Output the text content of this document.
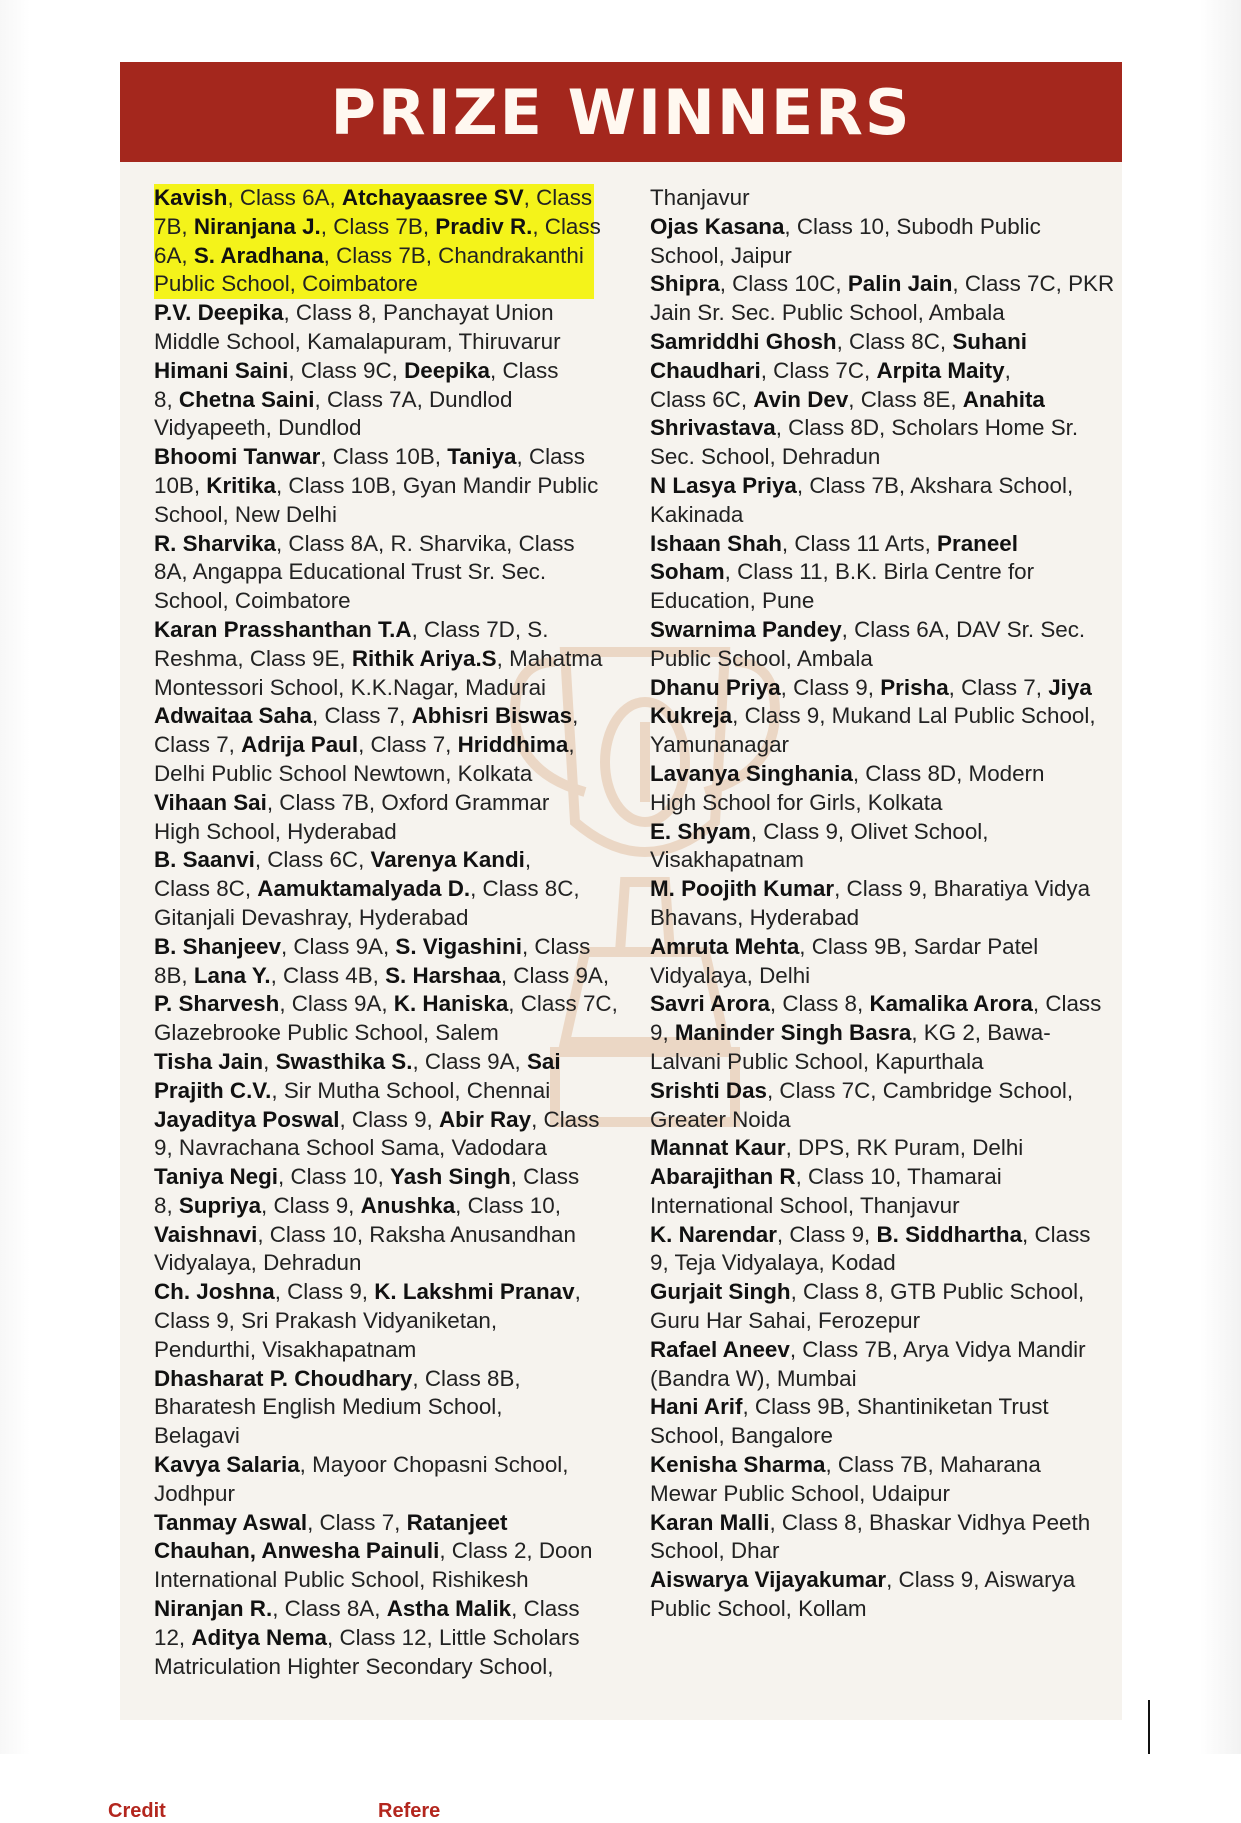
PRIZE WINNERS

Kavish, Class 6A, Atchayaasree SV, Class
7B, Niranjana J., Class 7B, Pradiv R., Class
6A, S. Aradhana, Class 7B, Chandrakanthi
Public School, Coimbatore

P.V. Deepika, Class 8, Panchayat Union
Middle School, Kamalapuram, Thiruvarur

Himani Saini, Class 9C, Deepika, Class
8, Chetna Saini, Class 7A, Dundlod
Vidyapeeth, Dundlod

Bhoomi Tanwar, Class 10B, Taniya, Class
10B, Kritika, Class 10B, Gyan Mandir Public
School, New Delhi

R. Sharvika, Class 8A, R. Sharvika, Class
8A, Angappa Educational Trust Sr. Sec.
School, Coimbatore

Karan Prasshanthan T.A, Class 7D, S.
Reshma, Class 9E, Rithik Ariya.S, Mahatma
Montessori School, K.K.Nagar, Madurai

Adwaitaa Saha, Class 7, Abhisri Biswas,
Class 7, Adrija Paul, Class 7, Hriddhima,
Delhi Public School Newtown, Kolkata

Vihaan Sai, Class 7B, Oxford Grammar
High School, Hyderabad

B. Saanvi, Class 6C, Varenya Kandi,
Class 8C, Aamuktamalyada D., Class 8C,
Gitanjali Devashray, Hyderabad

B. Shanjeev, Class 9A, S. Vigashini, Class
8B, Lana Y., Class 4B, S. Harshaa, Class 9A,
P. Sharvesh, Class 9A, K. Haniska, Class 7C,
Glazebrooke Public School, Salem

Tisha Jain, Swasthika S., Class 9A, Sai
Prajith C.V., Sir Mutha School, Chennai

Jayaditya Poswal, Class 9, Abir Ray, Class
9, Navrachana School Sama, Vadodara

Taniya Negi, Class 10, Yash Singh, Class
8, Supriya, Class 9, Anushka, Class 10,
Vaishnavi, Class 10, Raksha Anusandhan
Vidyalaya, Dehradun

Ch. Joshna, Class 9, K. Lakshmi Pranav,
Class 9, Sri Prakash Vidyaniketan,
Pendurthi, Visakhapatnam

Dhasharat P. Choudhary, Class 8B,
Bharatesh English Medium School,
Belagavi

Kavya Salaria, Mayoor Chopasni School,
Jodhpur

Tanmay Aswal, Class 7, Ratanjeet
Chauhan, Anwesha Painuli, Class 2, Doon
International Public School, Rishikesh

Niranjan R., Class 8A, Astha Malik, Class
12, Aditya Nema, Class 12, Little Scholars
Matriculation Highter Secondary School,

Thanjavur

Ojas Kasana, Class 10, Subodh Public
School, Jaipur

Shipra, Class 10C, Palin Jain, Class 7C, PKR
Jain Sr. Sec. Public School, Ambala

Samriddhi Ghosh, Class 8C, Suhani
Chaudhari, Class 7C, Arpita Maity,
Class 6C, Avin Dev, Class 8E, Anahita
Shrivastava, Class 8D, Scholars Home Sr.
Sec. School, Dehradun

N Lasya Priya, Class 7B, Akshara School,
Kakinada

Ishaan Shah, Class 11 Arts, Praneel
Soham, Class 11, B.K. Birla Centre for
Education, Pune

Swarnima Pandey, Class 6A, DAV Sr. Sec.
Public School, Ambala

Dhanu Priya, Class 9, Prisha, Class 7, Jiya
Kukreja, Class 9, Mukand Lal Public School,
Yamunanagar

Lavanya Singhania, Class 8D, Modern
High School for Girls, Kolkata

E. Shyam, Class 9, Olivet School,
Visakhapatnam

M. Poojith Kumar, Class 9, Bharatiya Vidya
Bhavans, Hyderabad

Amruta Mehta, Class 9B, Sardar Patel
Vidyalaya, Delhi

Savri Arora, Class 8, Kamalika Arora, Class
9, Maninder Singh Basra, KG 2, Bawa-
Lalvani Public School, Kapurthala

Srishti Das, Class 7C, Cambridge School,
Greater Noida

Mannat Kaur, DPS, RK Puram, Delhi

Abarajithan R, Class 10, Thamarai
International School, Thanjavur

K. Narendar, Class 9, B. Siddhartha, Class
9, Teja Vidyalaya, Kodad

Gurjait Singh, Class 8, GTB Public School,
Guru Har Sahai, Ferozepur

Rafael Aneev, Class 7B, Arya Vidya Mandir
(Bandra W), Mumbai

Hani Arif, Class 9B, Shantiniketan Trust
School, Bangalore

Kenisha Sharma, Class 7B, Maharana
Mewar Public School, Udaipur

Karan Malli, Class 8, Bhaskar Vidhya Peeth
School, Dhar

Aiswarya Vijayakumar, Class 9, Aiswarya
Public School, Kollam

Credit	Refere
